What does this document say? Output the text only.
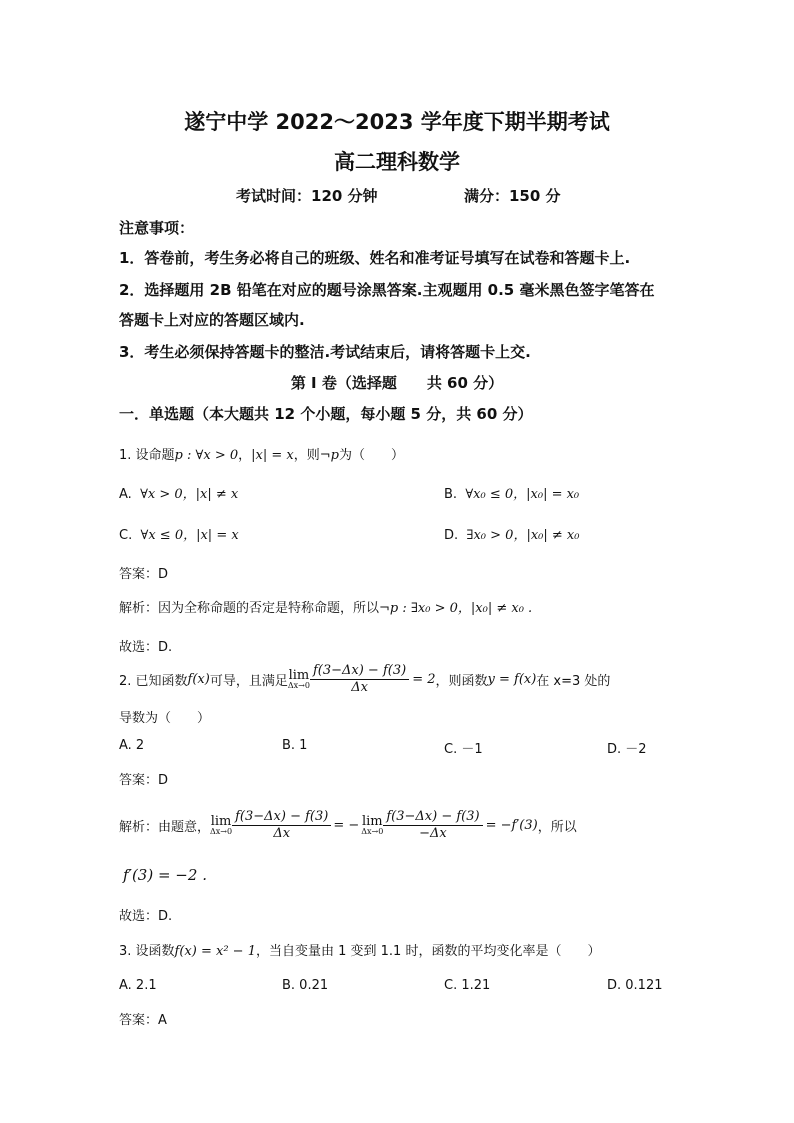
遂宁中学 2022～2023 学年度下期半期考试
高二理科数学
考试时间：120 分钟	满分：150 分
注意事项：
1．答卷前，考生务必将自己的班级、姓名和准考证号填写在试卷和答题卡上.
2．选择题用 2B 铅笔在对应的题号涂黑答案.主观题用 0.5 毫米黑色签字笔答在
答题卡上对应的答题区域内.
3．考生必须保持答题卡的整洁.考试结束后，请将答题卡上交.
第 I 卷（选择题　　共 60 分）
一．单选题（本大题共 12 个小题，每小题 5 分，共 60 分）
1. 设命题p : ∀x > 0，|x| = x，则¬p为（　　）
A. ∀x > 0，|x| ≠ x	B. ∀x₀ ≤ 0，|x₀| = x₀
C. ∀x ≤ 0，|x| = x	D. ∃x₀ > 0，|x₀| ≠ x₀
答案：D
解析：因为全称命题的否定是特称命题，所以¬p : ∃x₀ > 0，|x₀| ≠ x₀ .
故选：D.
2. 已知函数 f(x) 可导，且满足 lim
$\Delta x\to 0 \frac{f(3-\Delta x) - f(3)}{\Delta x} = 2$ ，则函数 y = f(x) 在 x=3 处的
导数为（　　）
A. 2	B. 1	C. －1	D. －2
答案：D
解析：由题意， lim
$\Delta x\to 0 \frac{f(3-\Delta x) - f(3)}{\Delta x}$ = − lim
$\Delta x\to 0 \frac{f(3-\Delta x) - f(3)}{-\Delta x} = -f'(3)$ ，所以
f′(3) = −2 .
故选：D.
3. 设函数f(x) = x² − 1，当自变量由 1 变到 1.1 时，函数的平均变化率是（　　）
A. 2.1	B. 0.21	C. 1.21	D. 0.121
答案：A
